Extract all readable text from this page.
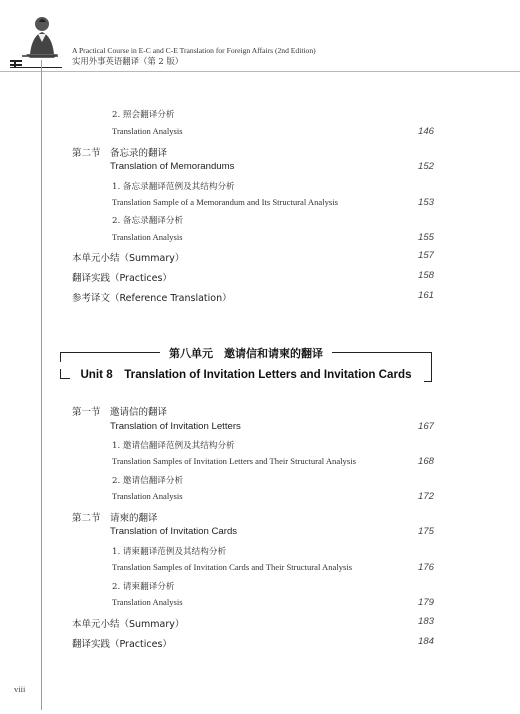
A Practical Course in E-C and C-E Translation for Foreign Affairs (2nd Edition)
实用外事英语翻译（第 2 版）
2. 照会翻译分析
Translation Analysis	146
第二节　备忘录的翻译
Translation of Memorandums	152
1. 备忘录翻译范例及其结构分析
Translation Sample of a Memorandum and Its Structural Analysis	153
2. 备忘录翻译分析
Translation Analysis	155
本单元小结（Summary）	157
翻译实践（Practices）	158
参考译文（Reference Translation）	161
第八单元　邀请信和请柬的翻译
Unit 8　Translation of Invitation Letters and Invitation Cards
第一节　邀请信的翻译
Translation of Invitation Letters	167
1. 邀请信翻译范例及其结构分析
Translation Samples of Invitation Letters and Their Structural Analysis	168
2. 邀请信翻译分析
Translation Analysis	172
第二节　请柬的翻译
Translation of Invitation Cards	175
1. 请柬翻译范例及其结构分析
Translation Samples of Invitation Cards and Their Structural Analysis	176
2. 请柬翻译分析
Translation Analysis	179
本单元小结（Summary）	183
翻译实践（Practices）	184
viii
